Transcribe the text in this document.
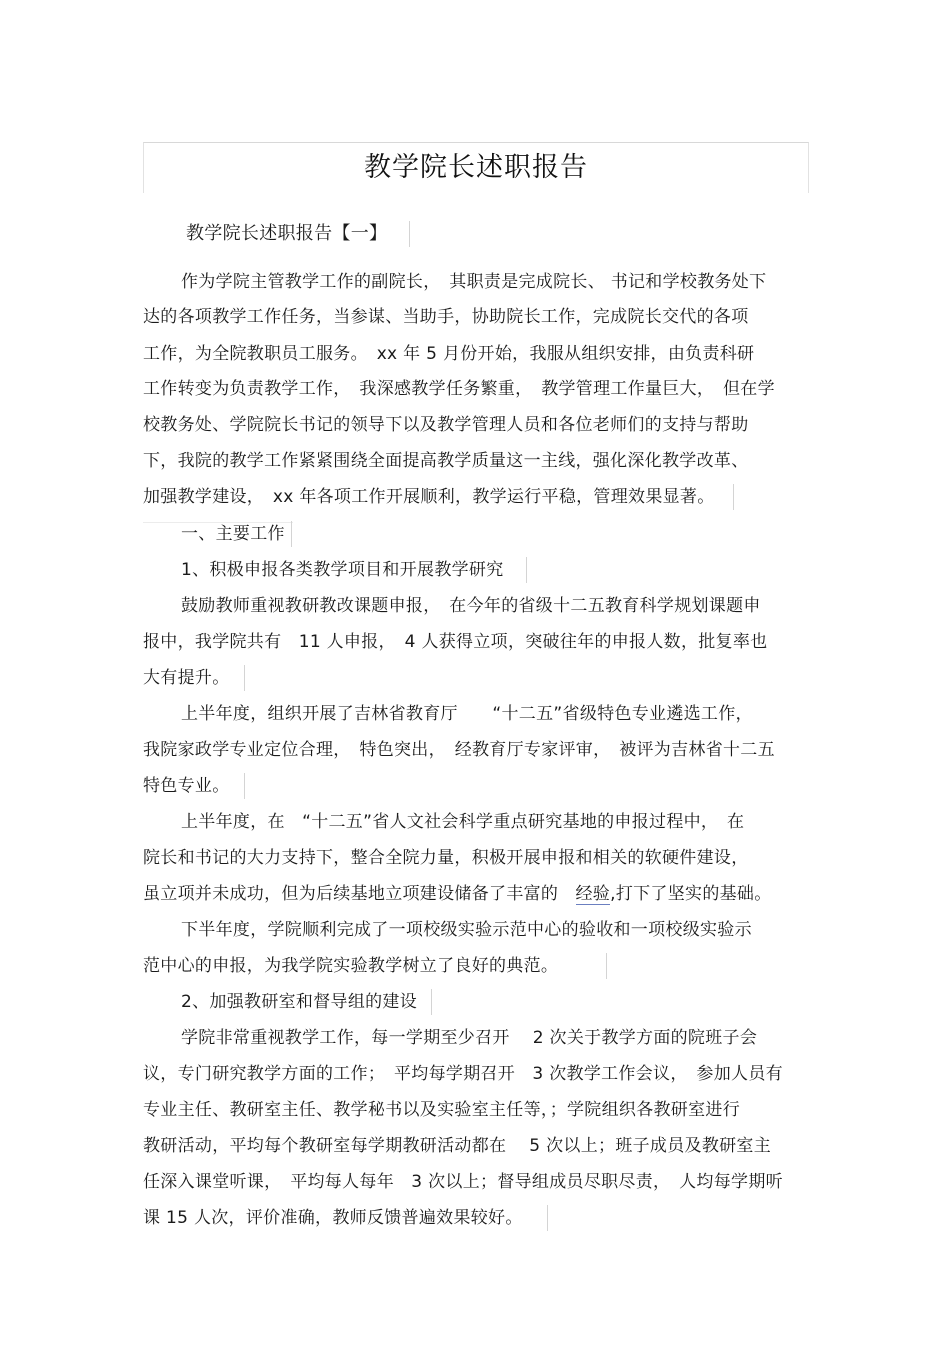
教学院长述职报告
教学院长述职报告【一】
作为学院主管教学工作的副院长，　其职责是完成院长、 书记和学校教务处下
达的各项教学工作任务，当参谋、当助手，协助院长工作，完成院长交代的各项
工作，为全院教职员工服务。　xx 年 5 月份开始，我服从组织安排，由负责科研
工作转变为负责教学工作，　我深感教学任务繁重，　教学管理工作量巨大，　但在学
校教务处、学院院长书记的领导下以及教学管理人员和各位老师们的支持与帮助
下，我院的教学工作紧紧围绕全面提高教学质量这一主线，强化深化教学改革、
加强教学建设，　xx 年各项工作开展顺利，教学运行平稳，管理效果显著。
一、主要工作
1、积极申报各类教学项目和开展教学研究
鼓励教师重视教研教改课题申报，　在今年的省级十二五教育科学规划课题申
报中，我学院共有　11 人申报，　4 人获得立项，突破往年的申报人数，批复率也
大有提升。
上半年度，组织开展了吉林省教育厅　　“十二五”省级特色专业遴选工作，
我院家政学专业定位合理，　特色突出，　经教育厅专家评审，　被评为吉林省十二五
特色专业。
上半年度，在　“十二五”省人文社会科学重点研究基地的申报过程中，　在
院长和书记的大力支持下，整合全院力量，积极开展申报和相关的软硬件建设，
虽立项并未成功，但为后续基地立项建设储备了丰富的　经验,打下了坚实的基础。
下半年度，学院顺利完成了一项校级实验示范中心的验收和一项校级实验示
范中心的申报，为我学院实验教学树立了良好的典范。
2、加强教研室和督导组的建设
学院非常重视教学工作，每一学期至少召开　 2 次关于教学方面的院班子会
议，专门研究教学方面的工作；　平均每学期召开　3 次教学工作会议，　参加人员有
专业主任、教研室主任、教学秘书以及实验室主任等，；学院组织各教研室进行
教研活动，平均每个教研室每学期教研活动都在　 5 次以上；班子成员及教研室主
任深入课堂听课，　平均每人每年　3 次以上；督导组成员尽职尽责，　人均每学期听
课 15 人次，评价准确，教师反馈普遍效果较好。
